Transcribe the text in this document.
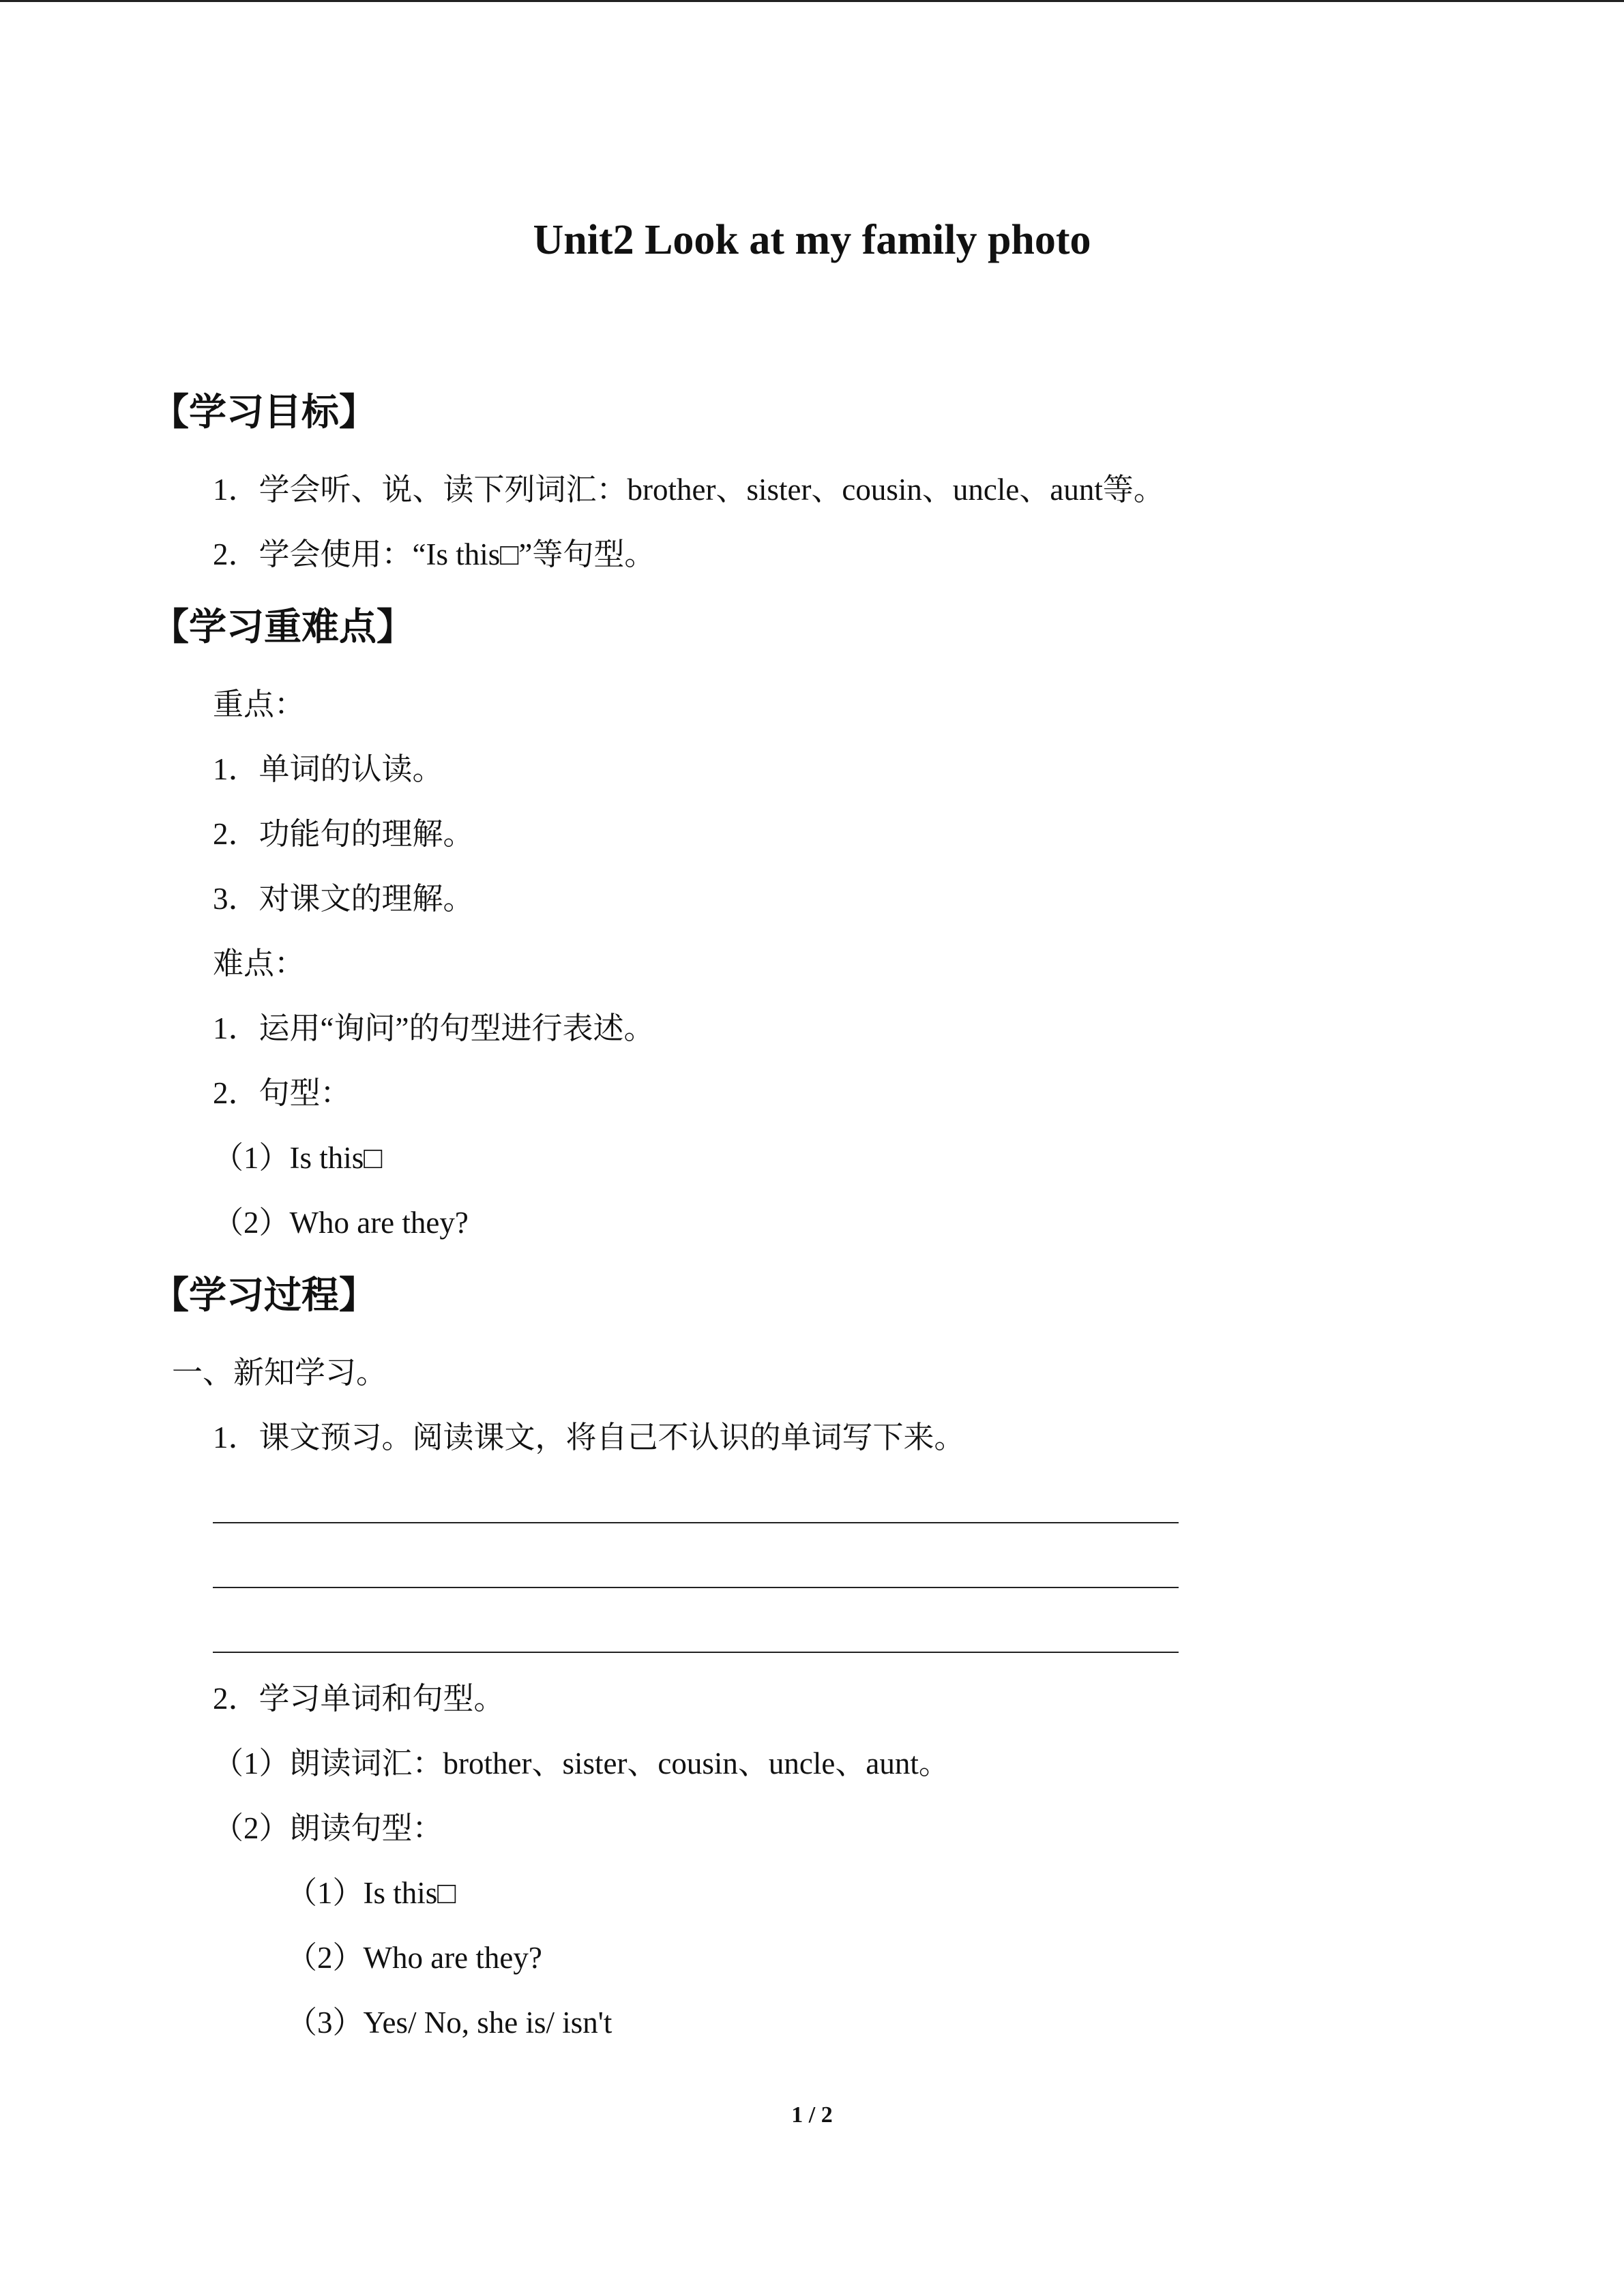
Unit2 Look at my family photo
【学习目标】
1．学会听、说、读下列词汇：brother、sister、cousin、uncle、aunt等。
2．学会使用：“Is this□”等句型。
【学习重难点】
重点：
1．单词的认读。
2．功能句的理解。
3．对课文的理解。
难点：
1．运用“询问”的句型进行表述。
2．句型：
（1）Is this□
（2）Who are they?
【学习过程】
一、新知学习。
1．课文预习。阅读课文，将自己不认识的单词写下来。
2．学习单词和句型。
（1）朗读词汇：brother、sister、cousin、uncle、aunt。
（2）朗读句型：
（1）Is this□
（2）Who are they?
（3）Yes/ No, she is/ isn't
1 / 2
